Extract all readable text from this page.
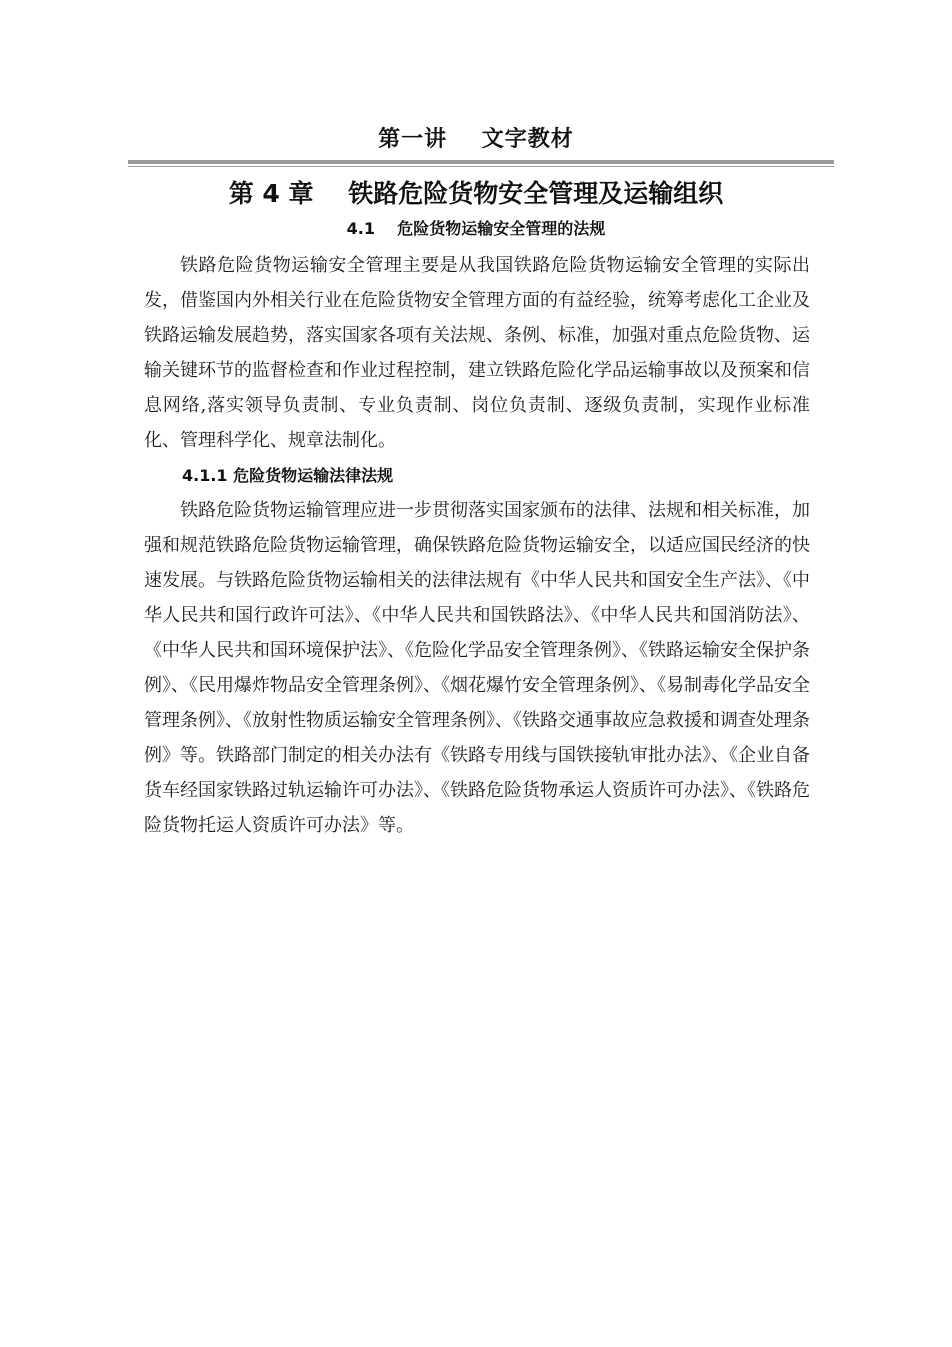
第一讲    文字教材
第 4 章    铁路危险货物安全管理及运输组织
4.1    危险货物运输安全管理的法规

铁路危险货物运输安全管理主要是从我国铁路危险货物运输安全管理的实际出发，借鉴国内外相关行业在危险货物安全管理方面的有益经验，统筹考虑化工企业及铁路运输发展趋势，落实国家各项有关法规、条例、标准，加强对重点危险货物、运输关键环节的监督检查和作业过程控制，建立铁路危险化学品运输事故以及预案和信息网络,落实领导负责制、专业负责制、岗位负责制、逐级负责制，实现作业标准化、管理科学化、规章法制化。

4.1.1 危险货物运输法律法规

铁路危险货物运输管理应进一步贯彻落实国家颁布的法律、法规和相关标准，加强和规范铁路危险货物运输管理，确保铁路危险货物运输安全，以适应国民经济的快速发展。与铁路危险货物运输相关的法律法规有《中华人民共和国安全生产法》、《中华人民共和国行政许可法》、《中华人民共和国铁路法》、《中华人民共和国消防法》、《中华人民共和国环境保护法》、《危险化学品安全管理条例》、《铁路运输安全保护条例》、《民用爆炸物品安全管理条例》、《烟花爆竹安全管理条例》、《易制毒化学品安全管理条例》、《放射性物质运输安全管理条例》、《铁路交通事故应急救援和调查处理条例》等。铁路部门制定的相关办法有《铁路专用线与国铁接轨审批办法》、《企业自备货车经国家铁路过轨运输许可办法》、《铁路危险货物承运人资质许可办法》、《铁路危险货物托运人资质许可办法》等。
